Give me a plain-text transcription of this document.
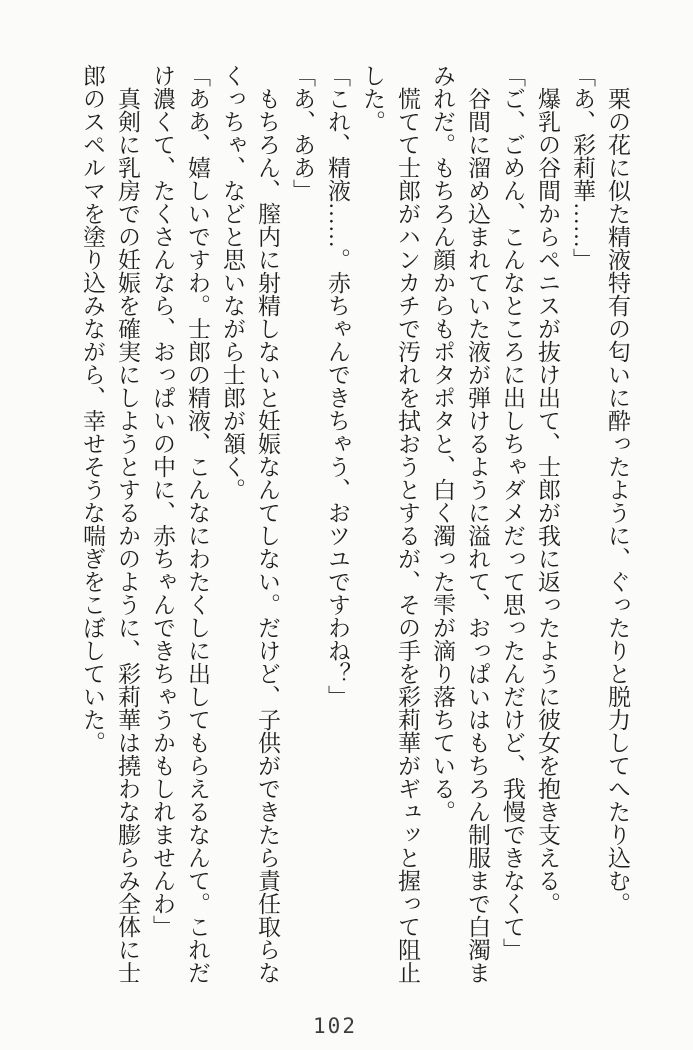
栗の花に似た精液特有の匂いに酔ったように、ぐったりと脱力してへたり込む。

「あ、彩莉華……」

爆乳の谷間からペニスが抜け出て、士郎が我に返ったように彼女を抱き支える。

「ご、ごめん、こんなところに出しちゃダメだって思ったんだけど、我慢できなくて」

谷間に溜め込まれていた液が弾けるように溢れて、おっぱいはもちろん制服まで白濁まみれだ。もちろん顔からもポタポタと、白く濁った雫が滴り落ちている。

慌てて士郎がハンカチで汚れを拭おうとするが、その手を彩莉華がギュッと握って阻止した。

「これ、精液……。赤ちゃんできちゃう、おツユですわね？」

「あ、ああ」

もちろん、膣内に射精しないと妊娠なんてしない。だけど、子供ができたら責任取らなくっちゃ、などと思いながら士郎が頷く。

「ああ、嬉しいですわ。士郎の精液、こんなにわたくしに出してもらえるなんて。これだけ濃くて、たくさんなら、おっぱいの中に、赤ちゃんできちゃうかもしれませんわ」

真剣に乳房での妊娠を確実にしようとするかのように、彩莉華は撓わな膨らみ全体に士郎のスペルマを塗り込みながら、幸せそうな喘ぎをこぼしていた。

102
